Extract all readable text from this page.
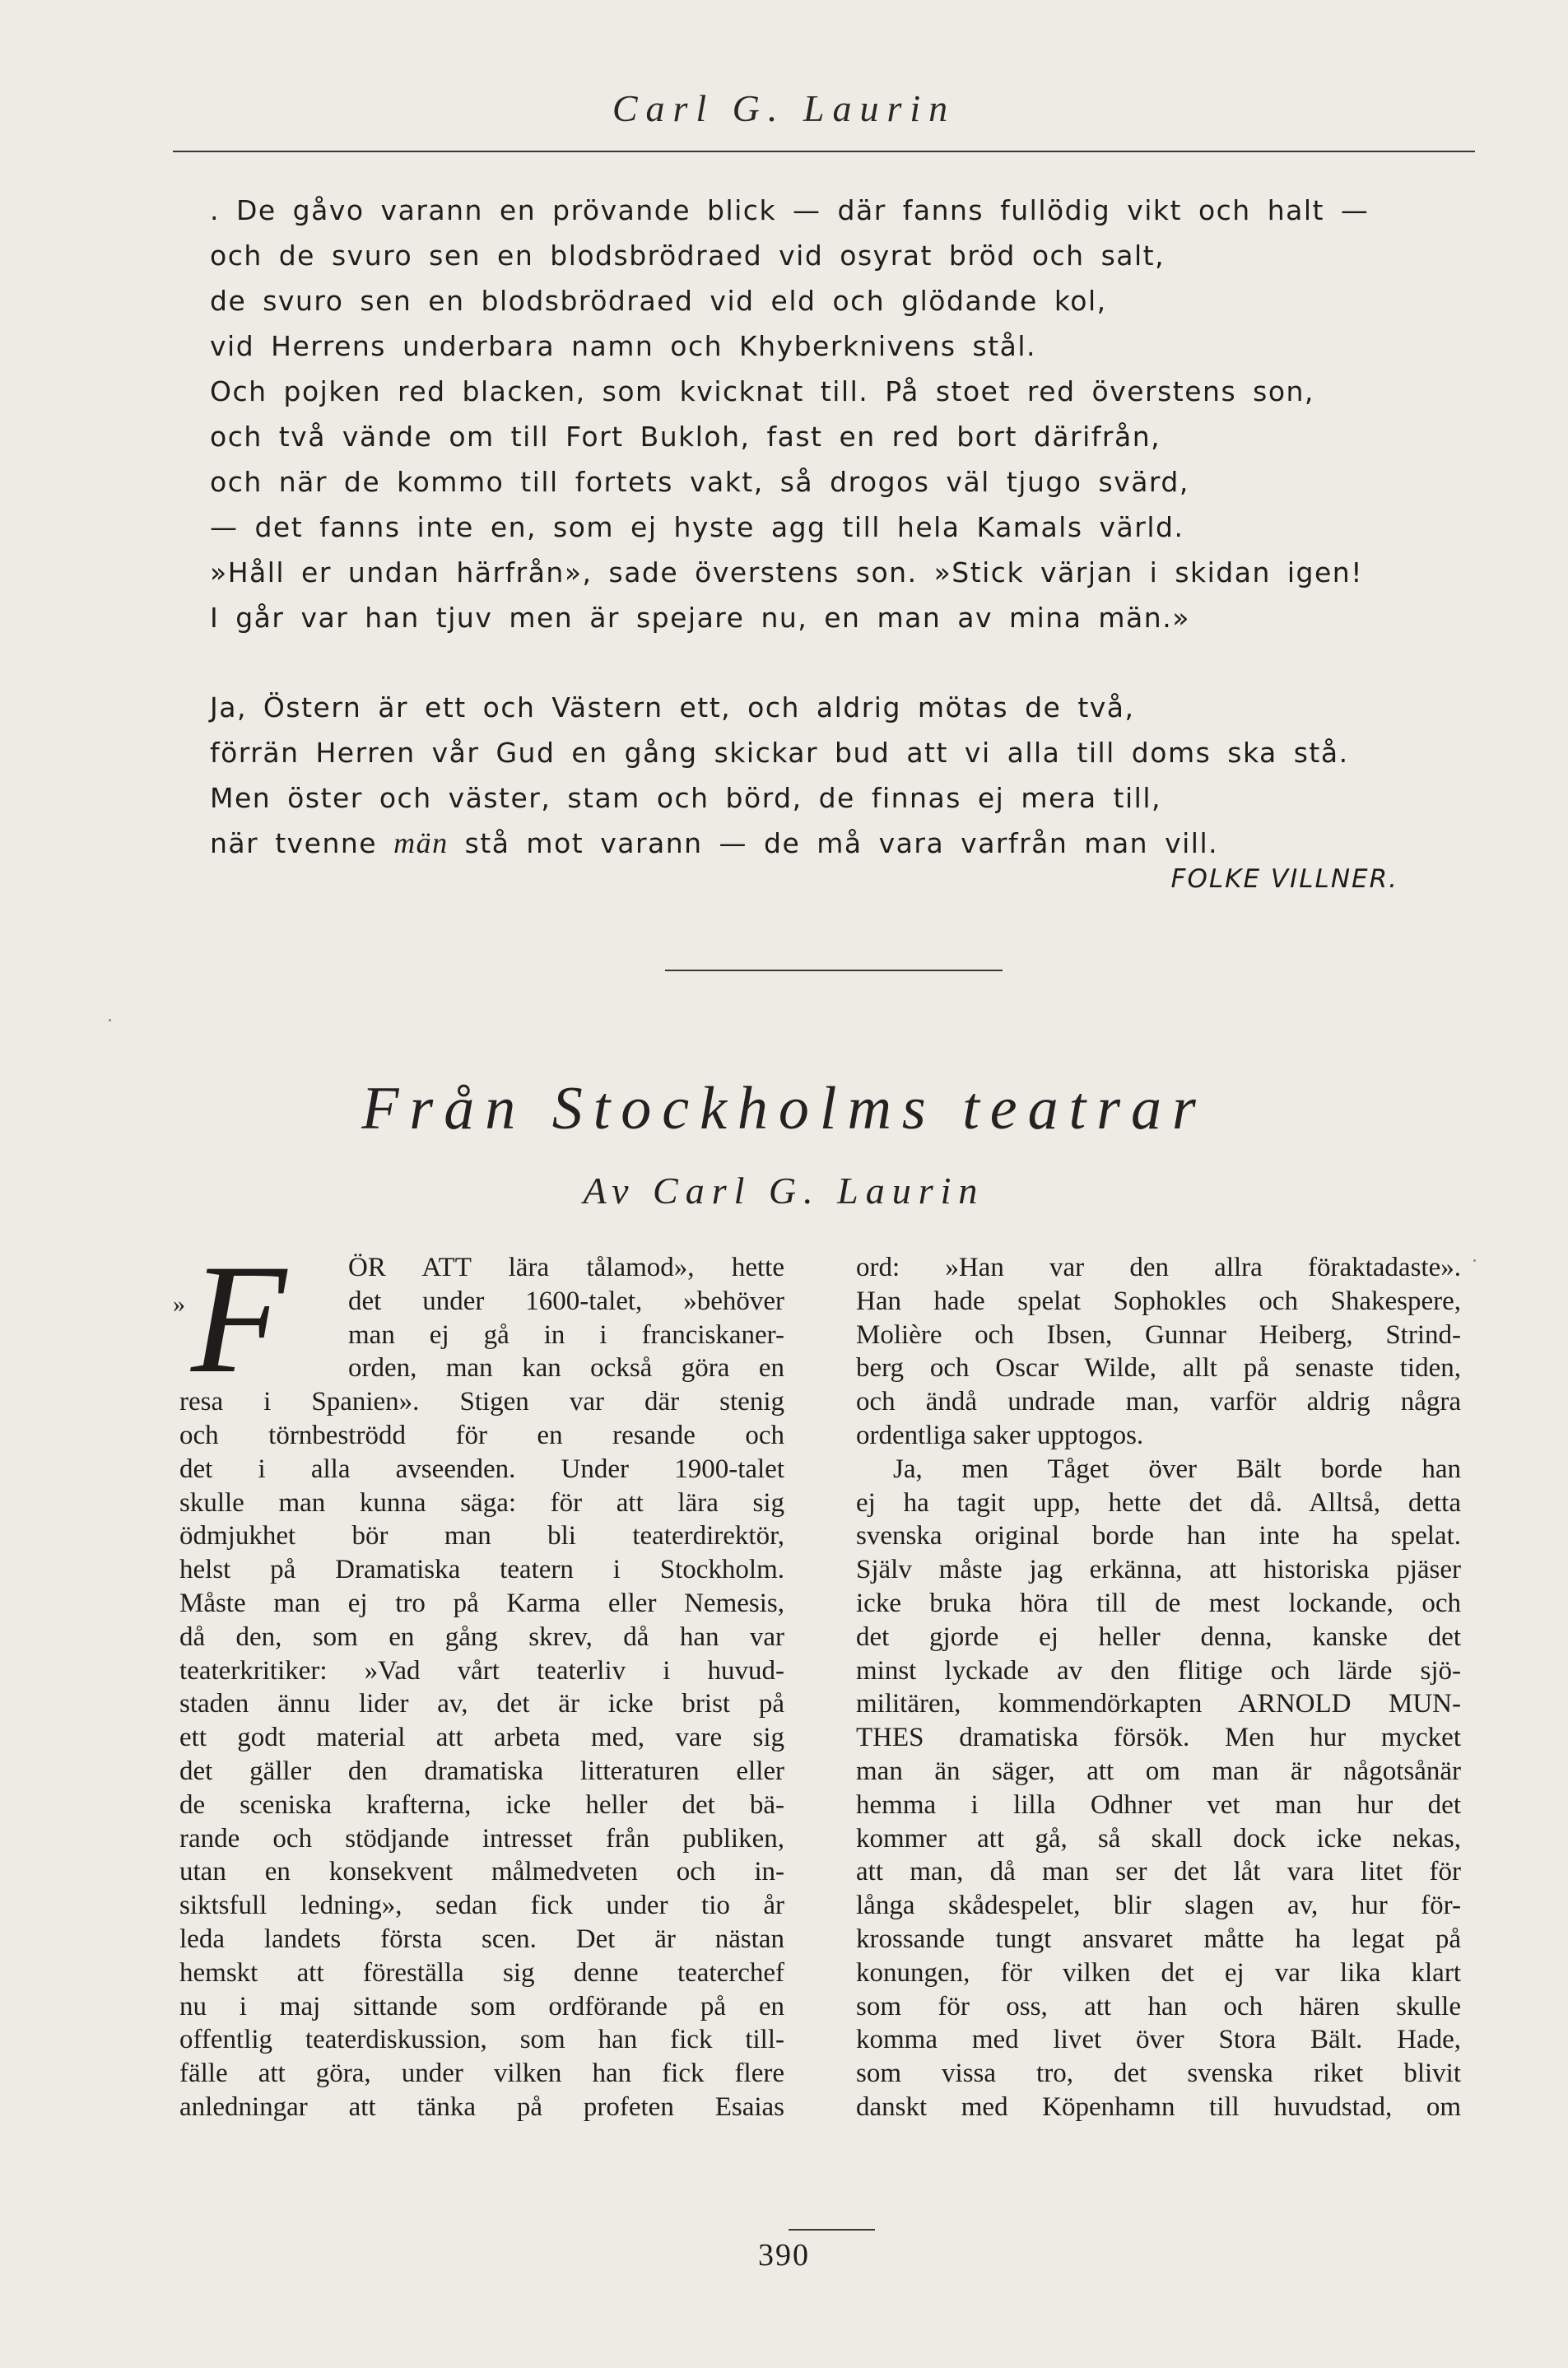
Carl G. Laurin
. De gåvo varann en prövande blick — där fanns fullödig vikt och halt —
och de svuro sen en blodsbrödraed vid osyrat bröd och salt,
de svuro sen en blodsbrödraed vid eld och glödande kol,
vid Herrens underbara namn och Khyberknivens stål.
Och pojken red blacken, som kvicknat till. På stoet red överstens son,
och två vände om till Fort Bukloh, fast en red bort därifrån,
och när de kommo till fortets vakt, så drogos väl tjugo svärd,
— det fanns inte en, som ej hyste agg till hela Kamals värld.
»Håll er undan härfrån», sade överstens son. »Stick värjan i skidan igen!
I går var han tjuv men är spejare nu, en man av mina män.»
Ja, Östern är ett och Västern ett, och aldrig mötas de två,
förrän Herren vår Gud en gång skickar bud att vi alla till doms ska stå.
Men öster och väster, stam och börd, de finnas ej mera till,
när tvenne män stå mot varann — de må vara varfrån man vill.
FOLKE VILLNER.
Från Stockholms teatrar
Av Carl G. Laurin
» F	ÖR ATT lära tålamod», hette
det under 1600-talet, »behöver
man ej gå in i franciskaner-
orden, man kan också göra en
resa i Spanien». Stigen var där stenig
och törnbeströdd för en resande och
det i alla avseenden. Under 1900-talet
skulle man kunna säga: för att lära sig
ödmjukhet bör man bli teaterdirektör,
helst på Dramatiska teatern i Stockholm.
Måste man ej tro på Karma eller Nemesis,
då den, som en gång skrev, då han var
teaterkritiker: »Vad vårt teaterliv i huvud-
staden ännu lider av, det är icke brist på
ett godt material att arbeta med, vare sig
det gäller den dramatiska litteraturen eller
de sceniska krafterna, icke heller det bä-
rande och stödjande intresset från publiken,
utan en konsekvent målmedveten och in-
siktsfull ledning», sedan fick under tio år
leda landets första scen. Det är nästan
hemskt att föreställa sig denne teaterchef
nu i maj sittande som ordförande på en
offentlig teaterdiskussion, som han fick till-
fälle att göra, under vilken han fick flere
anledningar att tänka på profeten Esaias
ord: »Han var den allra föraktadaste».
Han hade spelat Sophokles och Shakespere,
Molière och Ibsen, Gunnar Heiberg, Strind-
berg och Oscar Wilde, allt på senaste tiden,
och ändå undrade man, varför aldrig några
ordentliga saker upptogos.
Ja, men Tåget över Bält borde han
ej ha tagit upp, hette det då. Alltså, detta
svenska original borde han inte ha spelat.
Själv måste jag erkänna, att historiska pjäser
icke bruka höra till de mest lockande, och
det gjorde ej heller denna, kanske det
minst lyckade av den flitige och lärde sjö-
militären, kommendörkapten ARNOLD MUN-
THES dramatiska försök. Men hur mycket
man än säger, att om man är någotsånär
hemma i lilla Odhner vet man hur det
kommer att gå, så skall dock icke nekas,
att man, då man ser det låt vara litet för
långa skådespelet, blir slagen av, hur för-
krossande tungt ansvaret måtte ha legat på
konungen, för vilken det ej var lika klart
som för oss, att han och hären skulle
komma med livet över Stora Bält. Hade,
som vissa tro, det svenska riket blivit
danskt med Köpenhamn till huvudstad, om
390
